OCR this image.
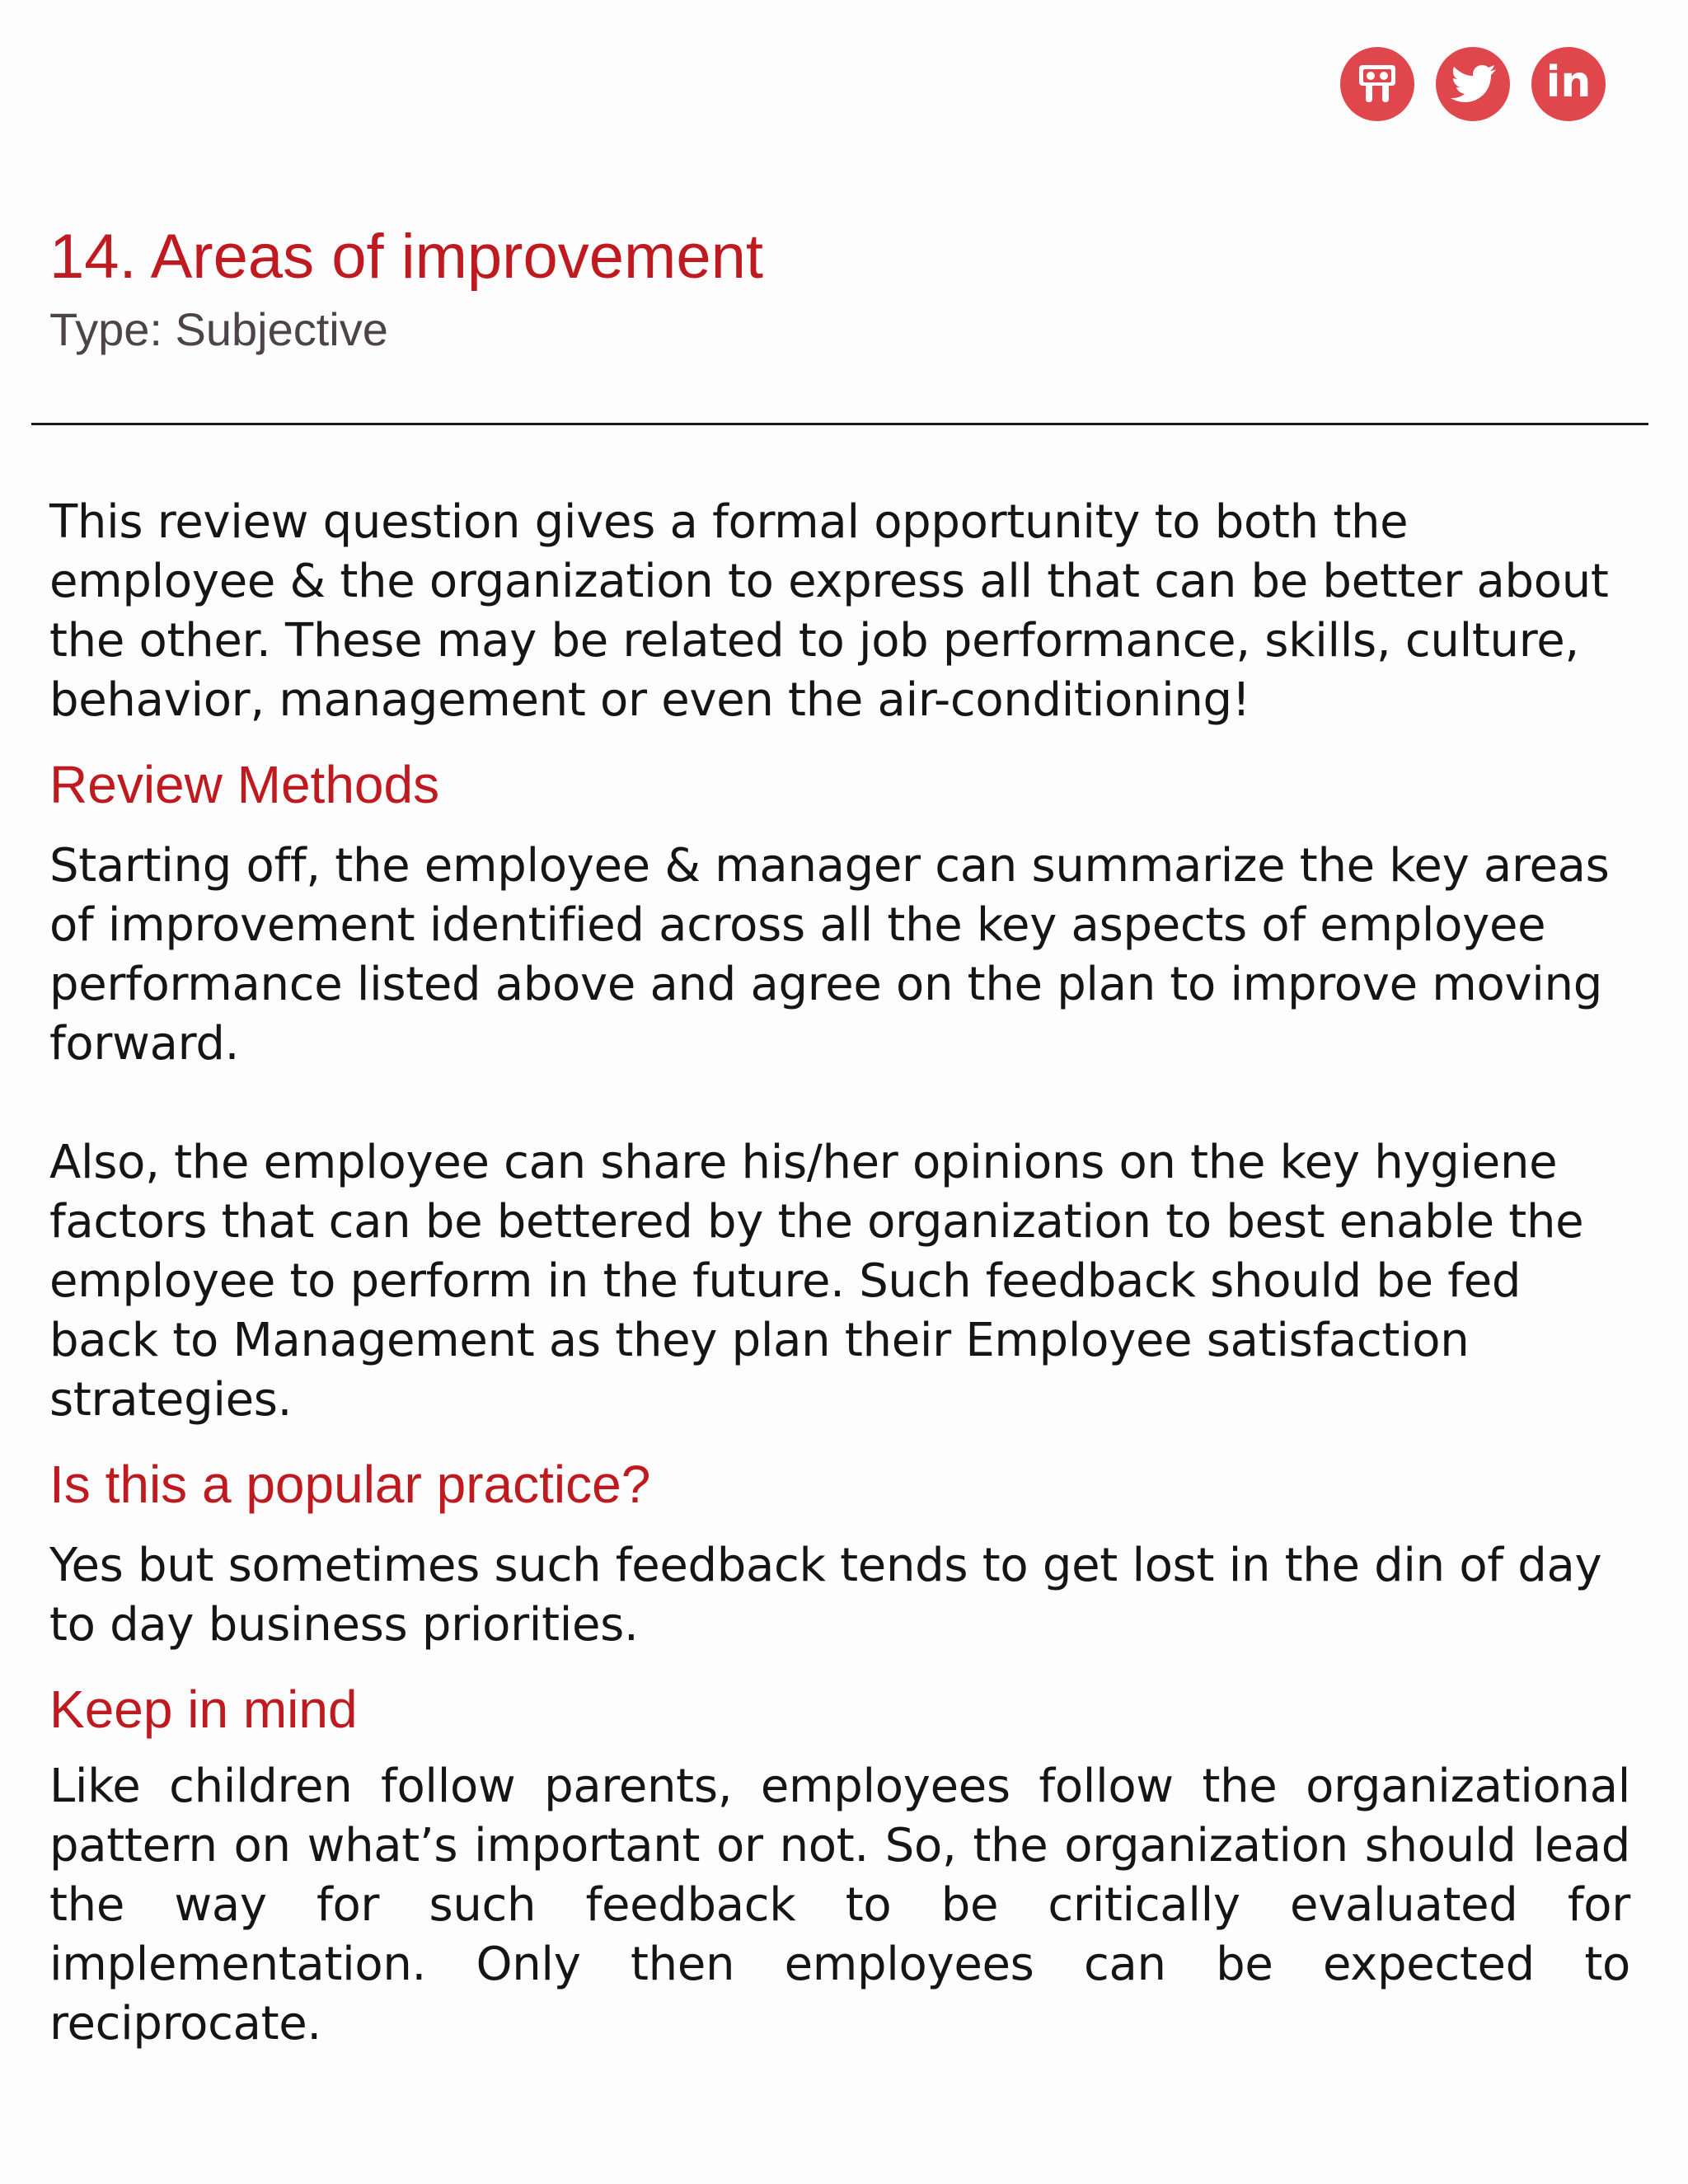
in
14. Areas of improvement
Type: Subjective

This review question gives a formal opportunity to both the employee & the organization to express all that can be better about the other. These may be related to job performance, skills, culture, behavior, management or even the air-conditioning!

Review Methods

Starting off, the employee & manager can summarize the key areas of improvement identified across all the key aspects of employee performance listed above and agree on the plan to improve moving forward.

Also, the employee can share his/her opinions on the key hygiene factors that can be bettered by the organization to best enable the employee to perform in the future. Such feedback should be fed back to Management as they plan their Employee satisfaction strategies.

Is this a popular practice?

Yes but sometimes such feedback tends to get lost in the din of day to day business priorities.

Keep in mind

Like children follow parents, employees follow the organizational pattern on what’s important or not. So, the organization should lead the way for such feedback to be critically evaluated for implementation. Only then employees can be expected to reciprocate.
